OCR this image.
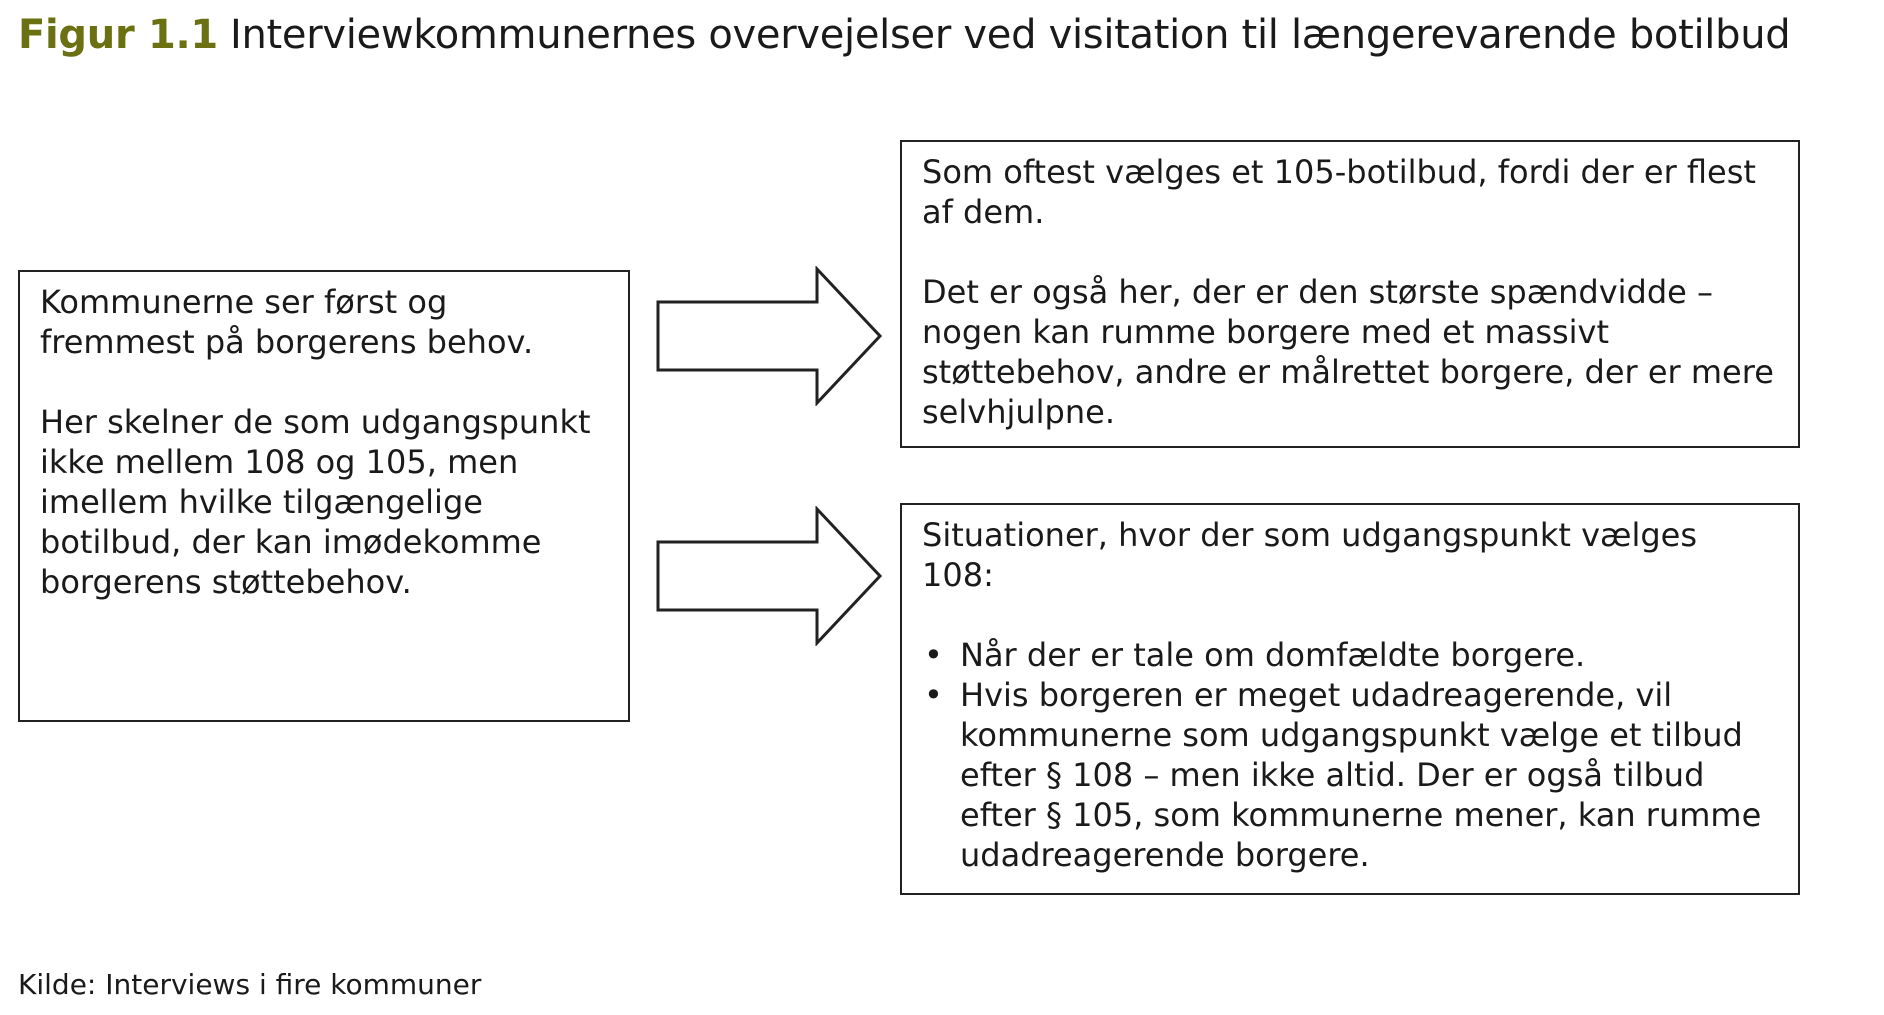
Figur 1.1 Interviewkommunernes overvejelser ved visitation til længerevarende botilbud

Kommunerne ser først og fremmest på borgerens behov.

Her skelner de som udgangspunkt ikke mellem 108 og 105, men imellem hvilke tilgængelige botilbud, der kan imødekomme borgerens støttebehov.

Som oftest vælges et 105-botilbud, fordi der er flest af dem.

Det er også her, der er den største spændvidde – nogen kan rumme borgere med et massivt støttebehov, andre er målrettet borgere, der er mere selvhjulpne.

Situationer, hvor der som udgangspunkt vælges 108:

• Når der er tale om domfældte borgere.
• Hvis borgeren er meget udadreagerende, vil kommunerne som udgangspunkt vælge et tilbud efter § 108 – men ikke altid. Der er også tilbud efter § 105, som kommunerne mener, kan rumme udadreagerende borgere.
Kilde: Interviews i fire kommuner
